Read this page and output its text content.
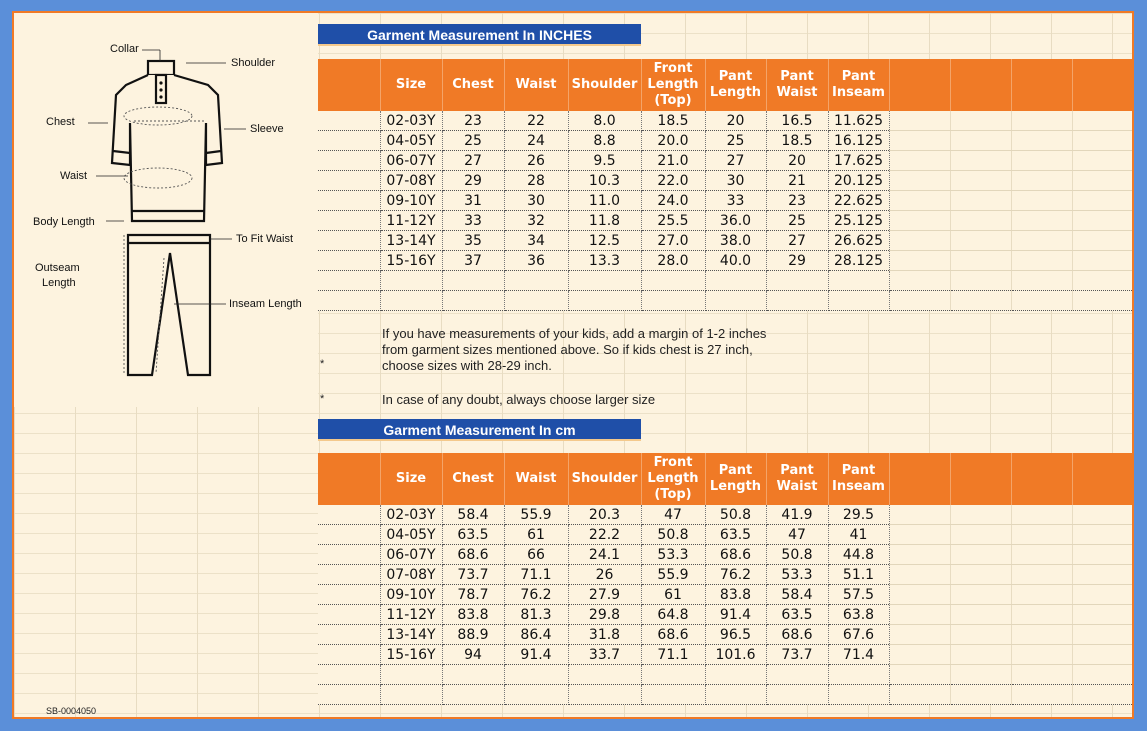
Collar
Shoulder
Chest
Sleeve
Waist
Body Length
To Fit Waist
Outseam
Length
Inseam Length
Garment Measurement In INCHES
	Size	Chest	Waist	Shoulder	Front Length (Top)	Pant Length	Pant Waist	Pant Inseam				
	02-03Y	23	22	8.0	18.5	20	16.5	11.625				
	04-05Y	25	24	8.8	20.0	25	18.5	16.125				
	06-07Y	27	26	9.5	21.0	27	20	17.625				
	07-08Y	29	28	10.3	22.0	30	21	20.125				
	09-10Y	31	30	11.0	24.0	33	23	22.625				
	11-12Y	33	32	11.8	25.5	36.0	25	25.125				
	13-14Y	35	34	12.5	27.0	38.0	27	26.625				
	15-16Y	37	36	13.3	28.0	40.0	29	28.125				

*
If you have measurements of your kids, add a margin of 1-2 inches from garment sizes mentioned above. So if kids chest is 27 inch, choose sizes with 28-29 inch.
*	In case of any doubt, always choose larger size
Garment Measurement In cm
	Size	Chest	Waist	Shoulder	Front Length (Top)	Pant Length	Pant Waist	Pant Inseam				
	02-03Y	58.4	55.9	20.3	47	50.8	41.9	29.5				
	04-05Y	63.5	61	22.2	50.8	63.5	47	41				
	06-07Y	68.6	66	24.1	53.3	68.6	50.8	44.8				
	07-08Y	73.7	71.1	26	55.9	76.2	53.3	51.1				
	09-10Y	78.7	76.2	27.9	61	83.8	58.4	57.5				
	11-12Y	83.8	81.3	29.8	64.8	91.4	63.5	63.8				
	13-14Y	88.9	86.4	31.8	68.6	96.5	68.6	67.6				
	15-16Y	94	91.4	33.7	71.1	101.6	73.7	71.4				

SB-0004050
